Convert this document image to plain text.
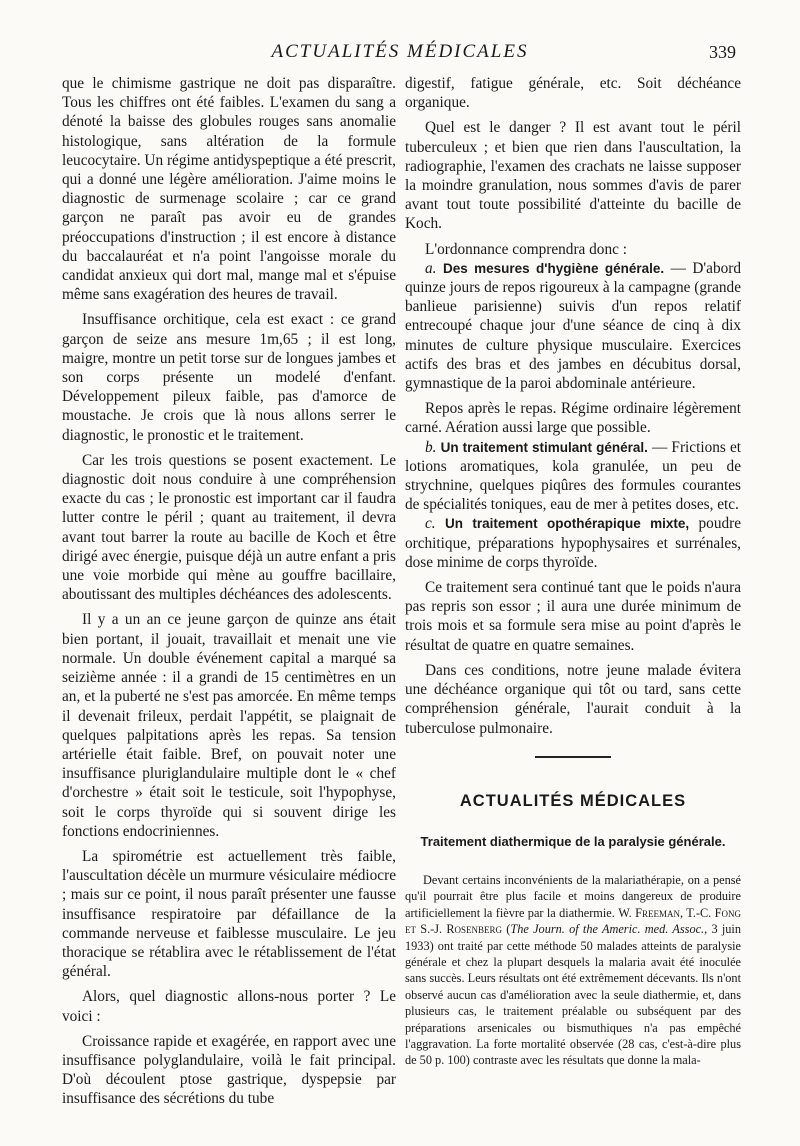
ACTUALITÉS MÉDICALES	339

que le chimisme gastrique ne doit pas disparaître. Tous les chiffres ont été faibles. L'examen du sang a dénoté la baisse des globules rouges sans anomalie histologique, sans altération de la formule leucocytaire. Un régime antidyspeptique a été prescrit, qui a donné une légère amélioration. J'aime moins le diagnostic de surmenage scolaire ; car ce grand garçon ne paraît pas avoir eu de grandes préoccupations d'instruction ; il est encore à distance du baccalauréat et n'a point l'angoisse morale du candidat anxieux qui dort mal, mange mal et s'épuise même sans exagération des heures de travail.

Insuffisance orchitique, cela est exact : ce grand garçon de seize ans mesure 1m,65 ; il est long, maigre, montre un petit torse sur de longues jambes et son corps présente un modelé d'enfant. Développement pileux faible, pas d'amorce de moustache. Je crois que là nous allons serrer le diagnostic, le pronostic et le traitement.

Car les trois questions se posent exactement. Le diagnostic doit nous conduire à une compréhension exacte du cas ; le pronostic est important car il faudra lutter contre le péril ; quant au traitement, il devra avant tout barrer la route au bacille de Koch et être dirigé avec énergie, puisque déjà un autre enfant a pris une voie morbide qui mène au gouffre bacillaire, aboutissant des multiples déchéances des adolescents.

Il y a un an ce jeune garçon de quinze ans était bien portant, il jouait, travaillait et menait une vie normale. Un double événement capital a marqué sa seizième année : il a grandi de 15 centimètres en un an, et la puberté ne s'est pas amorcée. En même temps il devenait frileux, perdait l'appétit, se plaignait de quelques palpitations après les repas. Sa tension artérielle était faible. Bref, on pouvait noter une insuffisance pluriglandulaire multiple dont le « chef d'orchestre » était soit le testicule, soit l'hypophyse, soit le corps thyroïde qui si souvent dirige les fonctions endocriniennes.

La spirométrie est actuellement très faible, l'auscultation décèle un murmure vésiculaire médiocre ; mais sur ce point, il nous paraît présenter une fausse insuffisance respiratoire par défaillance de la commande nerveuse et faiblesse musculaire. Le jeu thoracique se rétablira avec le rétablissement de l'état général.

Alors, quel diagnostic allons-nous porter ? Le voici :

Croissance rapide et exagérée, en rapport avec une insuffisance polyglandulaire, voilà le fait principal. D'où découlent ptose gastrique, dyspepsie par insuffisance des sécrétions du tube

digestif, fatigue générale, etc. Soit déchéance organique.

Quel est le danger ? Il est avant tout le péril tuberculeux ; et bien que rien dans l'auscultation, la radiographie, l'examen des crachats ne laisse supposer la moindre granulation, nous sommes d'avis de parer avant tout toute possibilité d'atteinte du bacille de Koch.

L'ordonnance comprendra donc :

a. Des mesures d'hygiène générale. — D'abord quinze jours de repos rigoureux à la campagne (grande banlieue parisienne) suivis d'un repos relatif entrecoupé chaque jour d'une séance de cinq à dix minutes de culture physique musculaire. Exercices actifs des bras et des jambes en décubitus dorsal, gymnastique de la paroi abdominale antérieure.

Repos après le repas. Régime ordinaire légèrement carné. Aération aussi large que possible.

b. Un traitement stimulant général. — Frictions et lotions aromatiques, kola granulée, un peu de strychnine, quelques piqûres des formules courantes de spécialités toniques, eau de mer à petites doses, etc.

c. Un traitement opothérapique mixte, poudre orchitique, préparations hypophysaires et surrénales, dose minime de corps thyroïde.

Ce traitement sera continué tant que le poids n'aura pas repris son essor ; il aura une durée minimum de trois mois et sa formule sera mise au point d'après le résultat de quatre en quatre semaines.

Dans ces conditions, notre jeune malade évitera une déchéance organique qui tôt ou tard, sans cette compréhension générale, l'aurait conduit à la tuberculose pulmonaire.

ACTUALITÉS MÉDICALES
Traitement diathermique de la paralysie générale.

Devant certains inconvénients de la malariathérapie, on a pensé qu'il pourrait être plus facile et moins dangereux de produire artificiellement la fièvre par la diathermie. W. Freeman, T.-C. Fong et S.-J. Rosenberg (The Journ. of the Americ. med. Assoc., 3 juin 1933) ont traité par cette méthode 50 malades atteints de paralysie générale et chez la plupart desquels la malaria avait été inoculée sans succès. Leurs résultats ont été extrêmement décevants. Ils n'ont observé aucun cas d'amélioration avec la seule diathermie, et, dans plusieurs cas, le traitement préalable ou subséquent par des préparations arsenicales ou bismuthiques n'a pas empêché l'aggravation. La forte mortalité observée (28 cas, c'est-à-dire plus de 50 p. 100) contraste avec les résultats que donne la mala-
